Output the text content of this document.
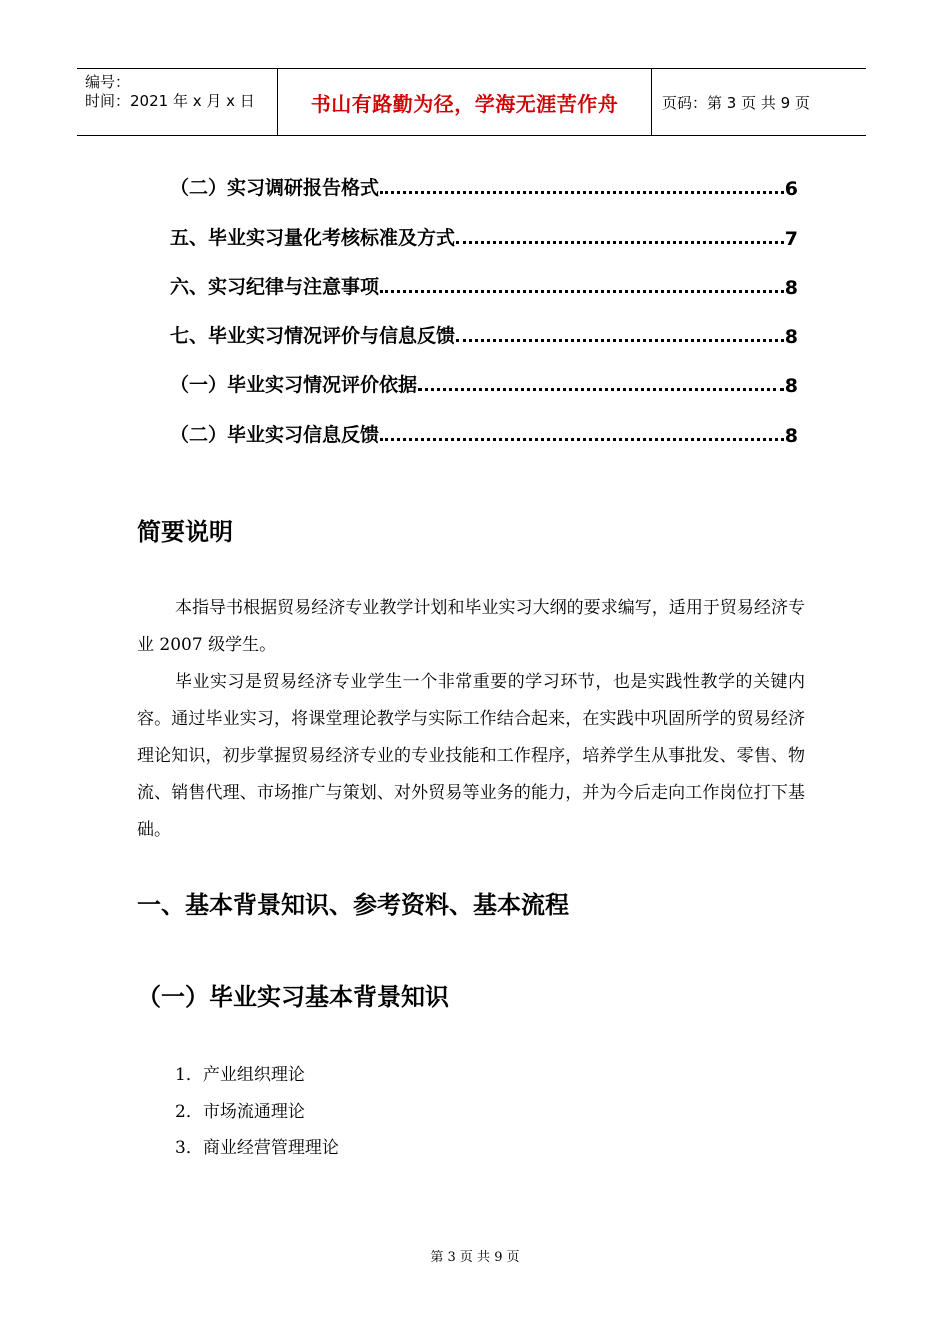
编号：
时间：2021 年 x 月 x 日	书山有路勤为径，学海无涯苦作舟	页码：第 3 页 共 9 页
（二）实习调研报告格式	6
五、毕业实习量化考核标准及方式	7
六、实习纪律与注意事项	8
七、毕业实习情况评价与信息反馈	8
（一）毕业实习情况评价依据	8
（二）毕业实习信息反馈	8
简要说明
本指导书根据贸易经济专业教学计划和毕业实习大纲的要求编写，适用于贸易经济专业 2007 级学生。
毕业实习是贸易经济专业学生一个非常重要的学习环节，也是实践性教学的关键内容。通过毕业实习，将课堂理论教学与实际工作结合起来，在实践中巩固所学的贸易经济理论知识，初步掌握贸易经济专业的专业技能和工作程序，培养学生从事批发、零售、物流、销售代理、市场推广与策划、对外贸易等业务的能力，并为今后走向工作岗位打下基础。
一、基本背景知识、参考资料、基本流程
（一）毕业实习基本背景知识
1．产业组织理论
2．市场流通理论
3．商业经营管理理论
第 3 页 共 9 页
